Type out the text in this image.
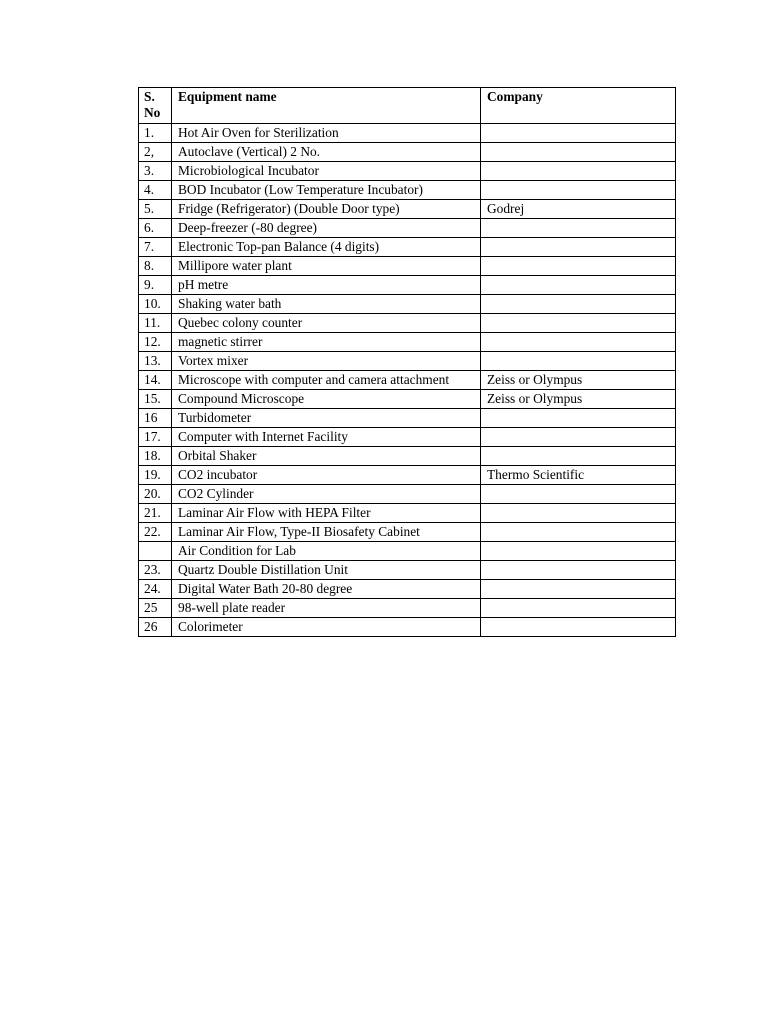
S. No	Equipment name	Company
1.	Hot Air Oven for Sterilization	
2,	Autoclave (Vertical) 2 No.	
3.	Microbiological Incubator	
4.	BOD Incubator (Low Temperature Incubator)	
5.	Fridge (Refrigerator) (Double Door type)	Godrej
6.	Deep-freezer (-80 degree)	
7.	Electronic Top-pan Balance (4 digits)	
8.	Millipore water plant	
9.	pH metre	
10.	Shaking water bath	
11.	Quebec colony counter	
12.	magnetic stirrer	
13.	Vortex mixer	
14.	Microscope with computer and camera attachment	Zeiss or Olympus
15.	Compound Microscope	Zeiss or Olympus
16	Turbidometer	
17.	Computer with Internet Facility	
18.	Orbital Shaker	
19.	CO2 incubator	Thermo Scientific
20.	CO2 Cylinder	
21.	Laminar Air Flow with HEPA Filter	
22.	Laminar Air Flow, Type-II Biosafety Cabinet	
	Air Condition for Lab	
23.	Quartz Double Distillation Unit	
24.	Digital Water Bath 20-80 degree	
25	98-well plate reader	
26	Colorimeter	
